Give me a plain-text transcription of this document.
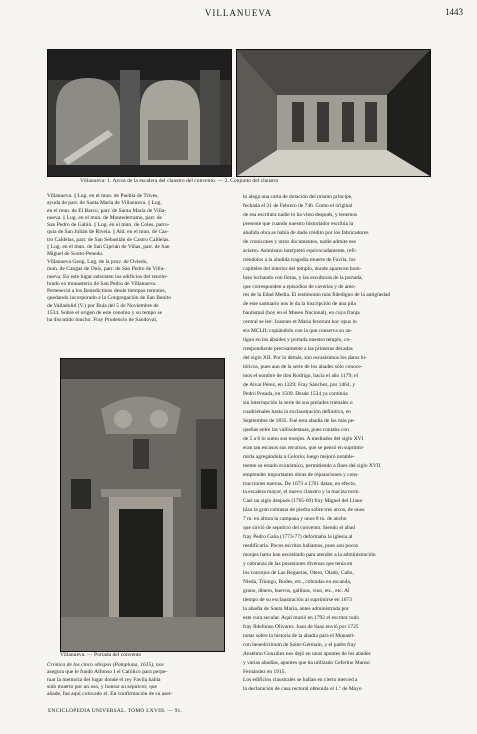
VILLANUEVA	1443
Villanueva: 1. Arcos de la escalera del claustro del convento. — 2. Conjunto del claustro
Villanueva. || Lug. en el mun. de Puebla de Trives,
ayuda de parr. de Santa María de Villanueva. || Lug.
en el mun. de El Barco, parr. de Santa María de Villa-
nueva. || Lug. en el mun. de Montederramo, parr. de
San Pedro de Gabín. || Lug. en el mun. de Coles, parro-
quia de San Julián de Rivela. || Ald. en el mun. de Cas-
tro Caldelas, parr. de San Sebastián de Castro Caldelas.
|| Lug. en el mun. de San Ciprián de Viñas, parr. de San
Miguel de Souto-Penedo.
Villanueva Geog. Lug. de la prov. de Oviedo,
mun. de Cangas de Onís, parr. de San Pedro de Villa-
nueva. En este lugar subsisten los edificios del renom-
brado ex monasterio de San Pedro de Villanueva.
Perteneció a los Benedictinos desde tiempos remotos,
quedando incorporado a la Congregación de San Benito
de Valladolid (V.) por Bula del 5 de Noviembre de
1534. Sobre el origen de este cenobio y su tempo se
ha discutido mucho. Fray Prudencio de Sandoval,
Villanueva. — Portada del convento
Crónica de los cinco obispos (Pamplona, 1615), nos
asegura que le fundó Alfonso I el Católico para perpe-
tuar la memoria del lugar donde el rey Favila había
sido muerto por un oso, y honrar su sepulcro; que
añade, fué aquí colocado el. En confirmación de su aser-
to alega una carta de dotación del mismo príncipe,
fechada el 21 de Febrero de 746. Como el original
de esa escritura nadie lo ha visto después, y tenemos
presente que cuando nuestro historiador escribía la
aludida obra se había de dado crédito por los fabricadores
de cronicones y otros documentos, nadie admite ese
acierto. Asimismo interpretó equivocadamente, refi-
riéndolos a la aludida tragedia muerte de Favila, los
capiteles del interior del templo, donde aparecen hom-
bres luchando con fieras, y las esculturas de la portada,
que corresponden a episodios de caverías y de amo-
res de la Edad Media. El testimonio más fidedigno de la antigüedad
de este santuario nos le da la inscripción de una pila
bautismal (hoy en el Museo Nacional), en cuya franja
central se lee: Joannes et Maria fecerunt hoc opus in
era MCLII; copiándolo con la que conserva su an-
tiguo en los ábsides y portada nuestro templo, co-
rrespondiente precisamente a las primeras décadas
del siglo XII. Por lo demás, son escasísimos los datos hi-
tóricos, pues aun de la serie de los abades sólo conoce-
mos el nombre de don Rodrigo, hacia el año 1179; el
de Alvar Pérez, en 1329; Fray Sánchez, por 1464, y
Pedro Posada, en 1509. Desde 1534 ya continúa
sin interrupción la serie de sus prelados trienales o
cuadrienales hasta la exclaustración definitiva, en
Septiembre de 1835. Fué esta abadía de las más pe-
queñas entre las vallisoletanas, pues contaba con
de 5 a 6 lo sumo sus monjes. A mediados del siglo XVI
eran tan escasos sus recursos, que se pensó en suprimir-
mirla agregándola a Celorio; luego mejoró notable-
mente su estado económico, permitiendo a fines del siglo XVII
emprender importantes obras de reparaciones y cons-
trucciones nuevas. De 1673 a 1701 datan, en efecto,
la escalera mayor, el nuevo claustro y la maciza torre.
Casi un siglo después (1765-69) fray Miguel del Llano
hizo la gran colmena de piedra sobre tres arcos, de unos
7 m. en altura la campana y unos 8 m. de ancho
que sirvió de sepulcro del convento. Siendo el abad
fray Pedro Gaña (1773-77) deformaba la iglesia al
reedificarla. Pocos escritos hallamos, pues son pocos
monjes harto han necesitado para atender a la administración
y cobranza de las posesiones diversas que tenía en
los concejos de Las Regueras, Otero, Olado, Caño,
Nieda, Triongo, Bodes, etc., cobradas en escanda,
grano, dinero, huevos, gallinas, vino, etc., etc. Al
tiempo de su exclaustración al suprimirse en 1673
la abadía de Santa María, antes administrada por
este cura secular. Aquí murió en 1792 el escritor todo
fray Ildefonso Olivares. Juan de Saaz envió por 1725
notas sobre la historia de la abadía para el Monasti-
con benedictinum de Saint-Germain, y el padre fray
Anselmo González nos dejó en unos apuntes de los abades
y varias abadías, apuntes que ha utilizado Ceferino Manso
Fernández en 1915.
Los edificios claustrales se hallan en cierto merced a
la declaración de casa rectoral obtenida el 1.º de Mayo
ENCICLOPEDIA UNIVERSAL. TOMO LXVIII. — 91.
